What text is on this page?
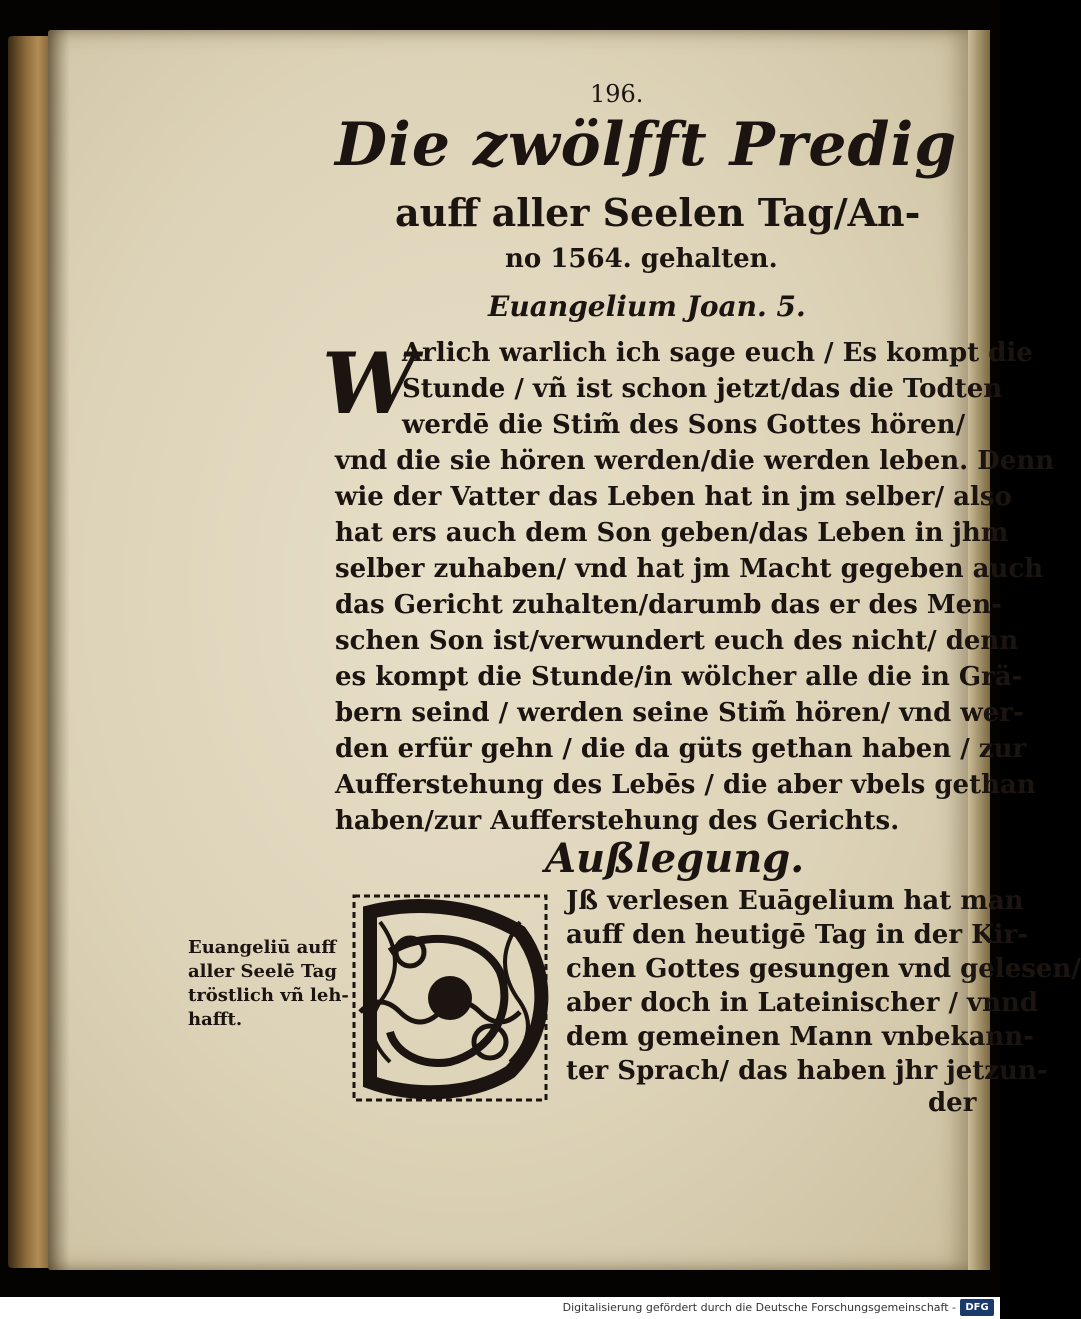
196.
Die zwölfft Predig
auff aller Seelen Tag/An-
no 1564. gehalten.
Euangelium Joan. 5.
W
Arlich warlich ich sage euch / Es kompt die
Stunde / vñ ist schon jetzt/das die Todten
werdē die Stim̃ des Sons Gottes hören/
vnd die sie hören werden/die werden leben. Denn
wie der Vatter das Leben hat in jm selber/ also
hat ers auch dem Son geben/das Leben in jhm
selber zuhaben/ vnd hat jm Macht gegeben auch
das Gericht zuhalten/darumb das er des Men-
schen Son ist/verwundert euch des nicht/ denn
es kompt die Stunde/in wölcher alle die in Grä-
bern seind / werden seine Stim̃ hören/ vnd wer-
den erfür gehn / die da güts gethan haben / zur
Aufferstehung des Lebēs / die aber vbels gethan
haben/zur Aufferstehung des Gerichts.
Außlegung.
Jß verlesen Euāgelium hat man
auff den heutigē Tag in der Kir-
chen Gottes gesungen vnd gelesen/
aber doch in Lateinischer / vnnd
dem gemeinen Mann vnbekann-
ter Sprach/ das haben jhr jetzun-
der
Euangeliū auff
aller Seelē Tag
tröstlich vñ leh-
hafft.
Digitalisierung gefördert durch die Deutsche Forschungsgemeinschaft - DFG
